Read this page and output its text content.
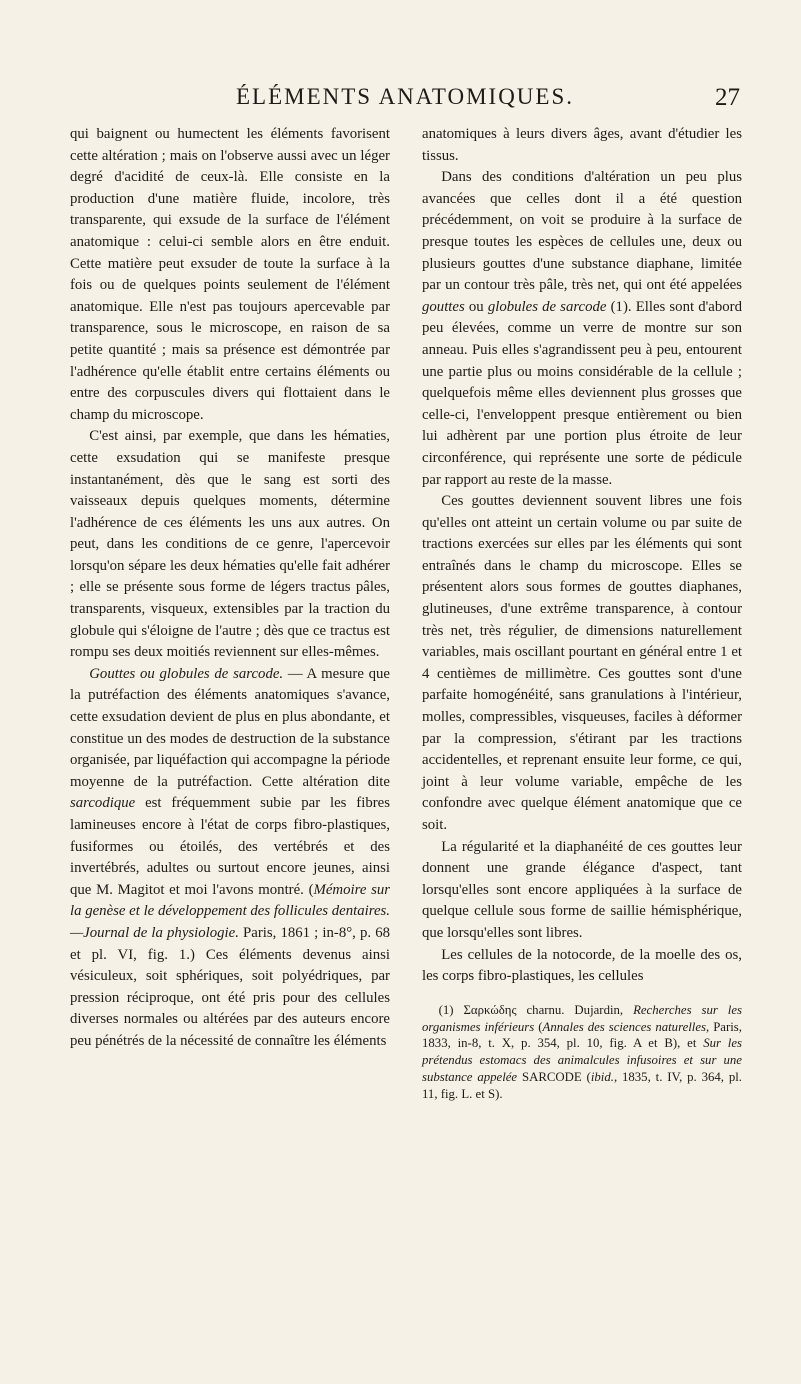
ÉLÉMENTS ANATOMIQUES.	27

qui baignent ou humectent les éléments favorisent cette altération ; mais on l'observe aussi avec un léger degré d'acidité de ceux-là. Elle consiste en la production d'une matière fluide, incolore, très transparente, qui exsude de la surface de l'élément anatomique : celui-ci semble alors en être enduit. Cette matière peut exsuder de toute la surface à la fois ou de quelques points seulement de l'élément anatomique. Elle n'est pas toujours apercevable par transparence, sous le microscope, en raison de sa petite quantité ; mais sa présence est démontrée par l'adhérence qu'elle établit entre certains éléments ou entre des corpuscules divers qui flottaient dans le champ du microscope.

C'est ainsi, par exemple, que dans les hématies, cette exsudation qui se manifeste presque instantanément, dès que le sang est sorti des vaisseaux depuis quelques moments, détermine l'adhérence de ces éléments les uns aux autres. On peut, dans les conditions de ce genre, l'apercevoir lorsqu'on sépare les deux hématies qu'elle fait adhérer ; elle se présente sous forme de légers tractus pâles, transparents, visqueux, extensibles par la traction du globule qui s'éloigne de l'autre ; dès que ce tractus est rompu ses deux moitiés reviennent sur elles-mêmes.

Gouttes ou globules de sarcode. — A mesure que la putréfaction des éléments anatomiques s'avance, cette exsudation devient de plus en plus abondante, et constitue un des modes de destruction de la substance organisée, par liquéfaction qui accompagne la période moyenne de la putréfaction. Cette altération dite sarcodique est fréquemment subie par les fibres lamineuses encore à l'état de corps fibro-plastiques, fusiformes ou étoilés, des vertébrés et des invertébrés, adultes ou surtout encore jeunes, ainsi que M. Magitot et moi l'avons montré. (Mémoire sur la genèse et le développement des follicules dentaires.—Journal de la physiologie. Paris, 1861 ; in-8°, p. 68 et pl. VI, fig. 1.) Ces éléments devenus ainsi vésiculeux, soit sphériques, soit polyédriques, par pression réciproque, ont été pris pour des cellules diverses normales ou altérées par des auteurs encore peu pénétrés de la nécessité de connaître les éléments

anatomiques à leurs divers âges, avant d'étudier les tissus.

Dans des conditions d'altération un peu plus avancées que celles dont il a été question précédemment, on voit se produire à la surface de presque toutes les espèces de cellules une, deux ou plusieurs gouttes d'une substance diaphane, limitée par un contour très pâle, très net, qui ont été appelées gouttes ou globules de sarcode (1). Elles sont d'abord peu élevées, comme un verre de montre sur son anneau. Puis elles s'agrandissent peu à peu, entourent une partie plus ou moins considérable de la cellule ; quelquefois même elles deviennent plus grosses que celle-ci, l'enveloppent presque entièrement ou bien lui adhèrent par une portion plus étroite de leur circonférence, qui représente une sorte de pédicule par rapport au reste de la masse.

Ces gouttes deviennent souvent libres une fois qu'elles ont atteint un certain volume ou par suite de tractions exercées sur elles par les éléments qui sont entraînés dans le champ du microscope. Elles se présentent alors sous formes de gouttes diaphanes, glutineuses, d'une extrême transparence, à contour très net, très régulier, de dimensions naturellement variables, mais oscillant pourtant en général entre 1 et 4 centièmes de millimètre. Ces gouttes sont d'une parfaite homogénéité, sans granulations à l'intérieur, molles, compressibles, visqueuses, faciles à déformer par la compression, s'étirant par les tractions accidentelles, et reprenant ensuite leur forme, ce qui, joint à leur volume variable, empêche de les confondre avec quelque élément anatomique que ce soit.

La régularité et la diaphanéité de ces gouttes leur donnent une grande élégance d'aspect, tant lorsqu'elles sont encore appliquées à la surface de quelque cellule sous forme de saillie hémisphérique, que lorsqu'elles sont libres.

Les cellules de la notocorde, de la moelle des os, les corps fibro-plastiques, les cellules

(1) Σαρκώδης charnu. Dujardin, Recherches sur les organismes inférieurs (Annales des sciences naturelles, Paris, 1833, in-8, t. X, p. 354, pl. 10, fig. A et B), et Sur les prétendus estomacs des animalcules infusoires et sur une substance appelée SARCODE (ibid., 1835, t. IV, p. 364, pl. 11, fig. L. et S).
